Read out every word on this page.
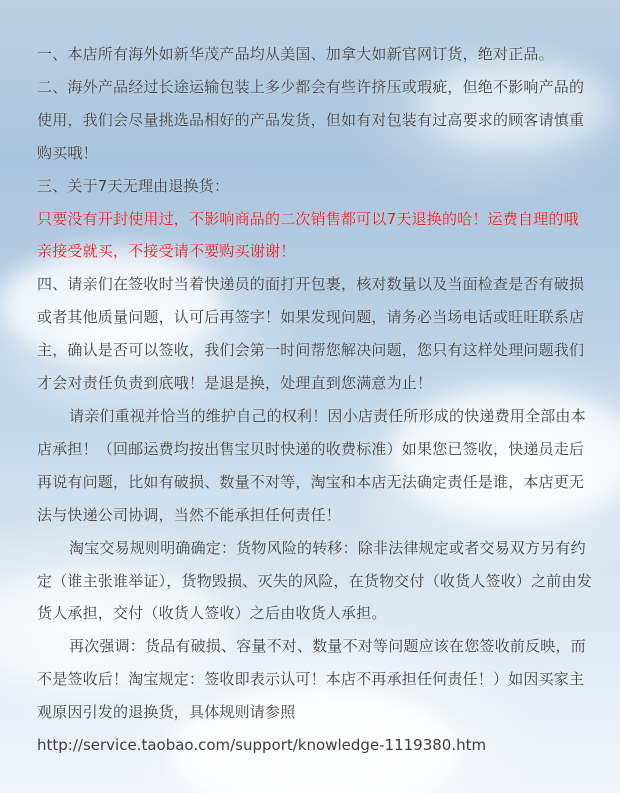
一、本店所有海外如新华茂产品均从美国、加拿大如新官网订货，绝对正品。

二、海外产品经过长途运输包装上多少都会有些许挤压或瑕疵，但绝不影响产品的使用，我们会尽量挑选品相好的产品发货，但如有对包装有过高要求的顾客请慎重购买哦！

三、关于7天无理由退换货：

只要没有开封使用过，不影响商品的二次销售都可以7天退换的哈！运费自理的哦亲接受就买，不接受请不要购买谢谢！

四、请亲们在签收时当着快递员的面打开包裹，核对数量以及当面检查是否有破损或者其他质量问题，认可后再签字！如果发现问题，请务必当场电话或旺旺联系店主，确认是否可以签收，我们会第一时间帮您解决问题，您只有这样处理问题我们才会对责任负责到底哦！是退是换，处理直到您满意为止！

请亲们重视并恰当的维护自己的权利！因小店责任所形成的快递费用全部由本店承担！（回邮运费均按出售宝贝时快递的收费标准）如果您已签收，快递员走后再说有问题，比如有破损、数量不对等，淘宝和本店无法确定责任是谁，本店更无法与快递公司协调，当然不能承担任何责任！

淘宝交易规则明确确定：货物风险的转移：除非法律规定或者交易双方另有约定（谁主张谁举证），货物毁损、灭失的风险，在货物交付（收货人签收）之前由发货人承担，交付（收货人签收）之后由收货人承担。

再次强调：货品有破损、容量不对、数量不对等问题应该在您签收前反映，而不是签收后！淘宝规定：签收即表示认可！本店不再承担任何责任！）如因买家主观原因引发的退换货，具体规则请参照

http://service.taobao.com/support/knowledge-1119380.htm
